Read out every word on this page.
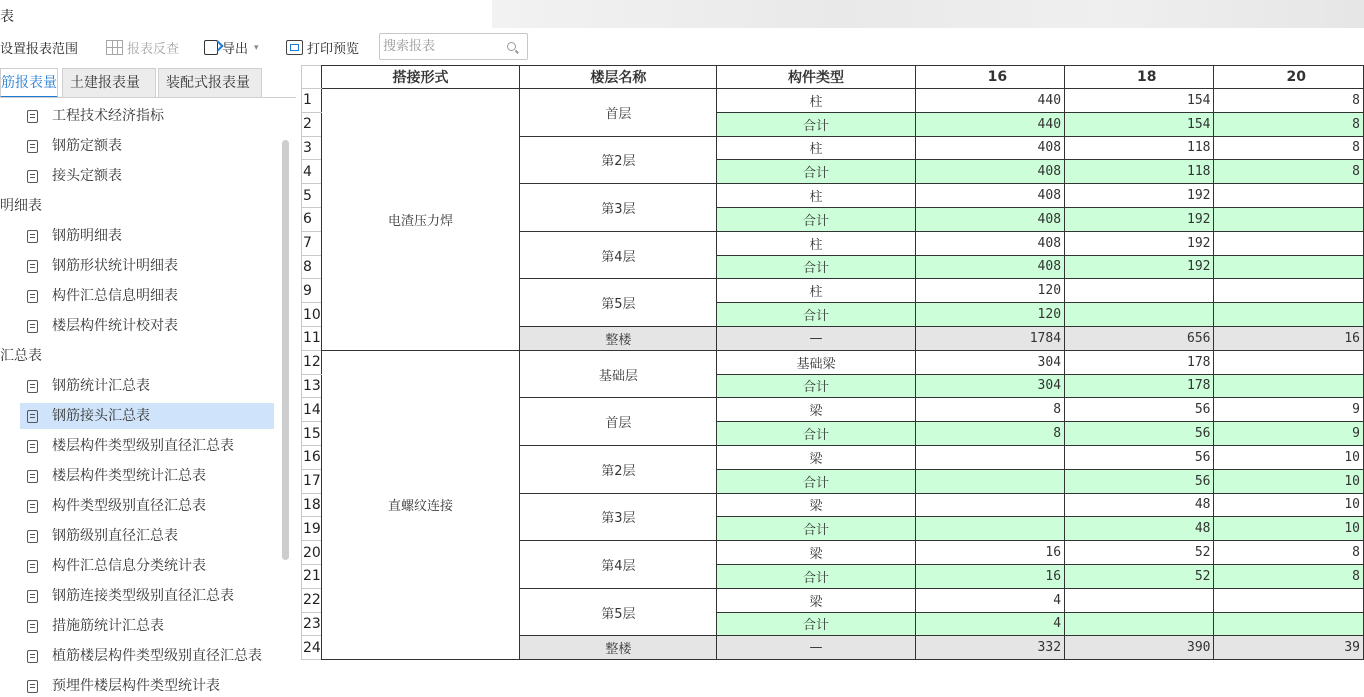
表
设置报表范围	报表反查	导出 ▾	打印预览
搜索报表
筋报表量 土建报表量	装配式报表量
工程技术经济指标
钢筋定额表
接头定额表
明细表
钢筋明细表
钢筋形状统计明细表
构件汇总信息明细表
楼层构件统计校对表
汇总表
钢筋统计汇总表
钢筋接头汇总表
楼层构件类型级别直径汇总表
楼层构件类型统计汇总表
构件类型级别直径汇总表
钢筋级别直径汇总表
构件汇总信息分类统计表
钢筋连接类型级别直径汇总表
措施筋统计汇总表
植筋楼层构件类型级别直径汇总表
预埋件楼层构件类型统计表
	搭接形式	楼层名称	构件类型	16	18	20
1	电渣压力焊	首层	柱	440	154	8
2			合计	440	154	8
3		第2层	柱	408	118	8
4			合计	408	118	8
5		第3层	柱	408	192	
6			合计	408	192	
7		第4层	柱	408	192	
8			合计	408	192	
9		第5层	柱	120		
10			合计	120		
11		整楼	—	1784	656	16
12	直螺纹连接	基础层	基础梁	304	178	
13			合计	304	178	
14		首层	梁	8	56	9
15			合计	8	56	9
16		第2层	梁		56	10
17			合计		56	10
18		第3层	梁		48	10
19			合计		48	10
20		第4层	梁	16	52	8
21			合计	16	52	8
22		第5层	梁	4		
23			合计	4		
24		整楼	—	332	390	39
